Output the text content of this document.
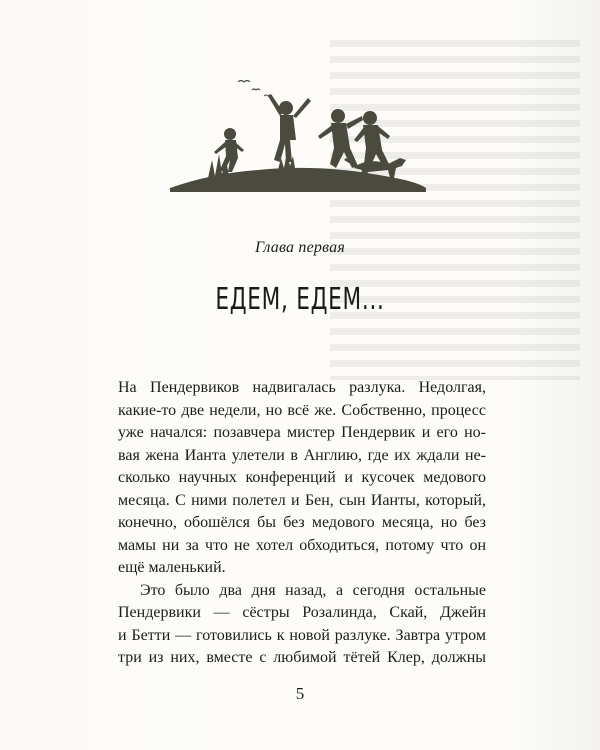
Глава первая
ЕДЕМ, ЕДЕМ...
На Пендервиков надвигалась разлука. Недолгая,
какие-то две недели, но всё же. Собственно, процесс
уже начался: позавчера мистер Пендервик и его но-
вая жена Ианта улетели в Англию, где их ждали не-
сколько научных конференций и кусочек медового
месяца. С ними полетел и Бен, сын Ианты, который,
конечно, обошёлся бы без медового месяца, но без
мамы ни за что не хотел обходиться, потому что он
ещё маленький.
Это было два дня назад, а сегодня остальные
Пендервики — сёстры Розалинда, Скай, Джейн
и Бетти — готовились к новой разлуке. Завтра утром
три из них, вместе с любимой тётей Клер, должны
5
